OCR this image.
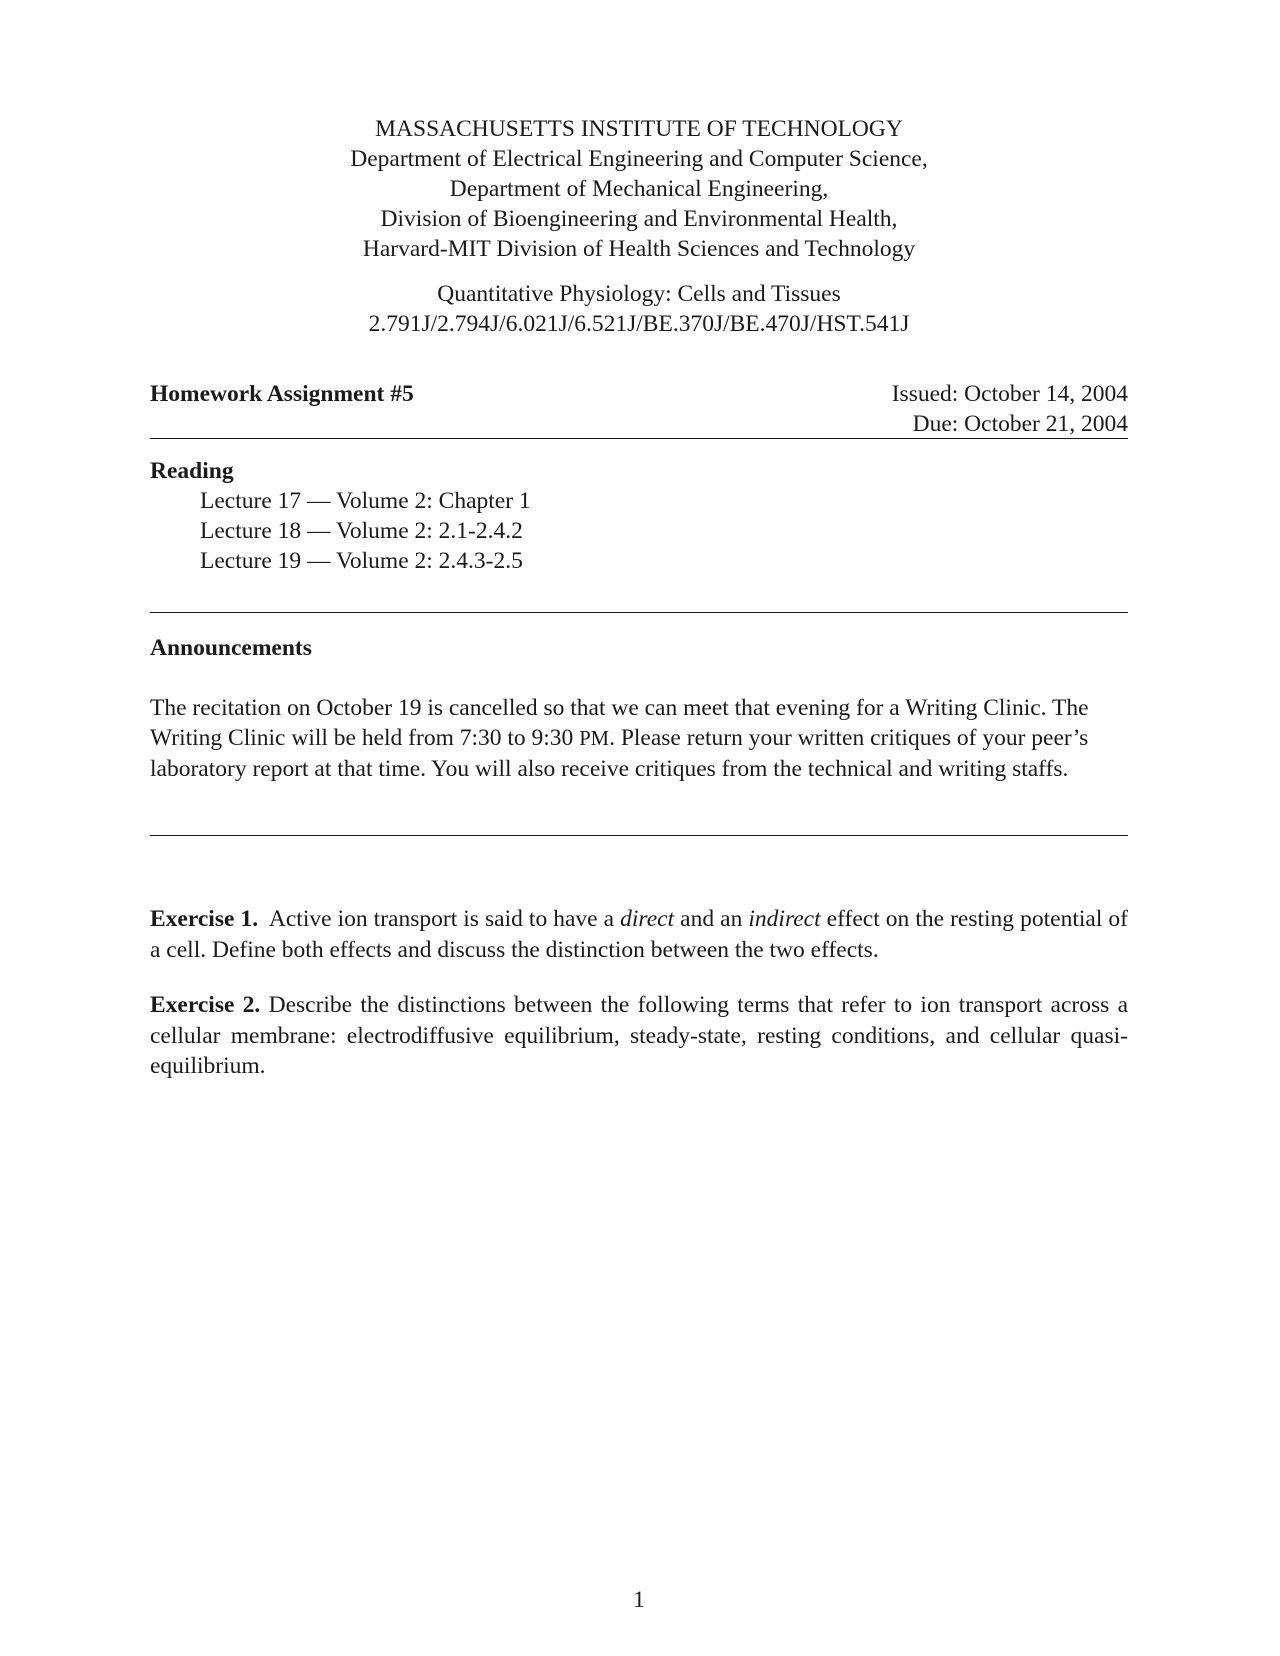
MASSACHUSETTS INSTITUTE OF TECHNOLOGY
Department of Electrical Engineering and Computer Science,
Department of Mechanical Engineering,
Division of Bioengineering and Environmental Health,
Harvard-MIT Division of Health Sciences and Technology
Quantitative Physiology: Cells and Tissues
2.791J/2.794J/6.021J/6.521J/BE.370J/BE.470J/HST.541J
Homework Assignment #5	Issued: October 14, 2004
Due: October 21, 2004
Reading
Lecture 17 — Volume 2: Chapter 1
Lecture 18 — Volume 2: 2.1-2.4.2
Lecture 19 — Volume 2: 2.4.3-2.5
Announcements

The recitation on October 19 is cancelled so that we can meet that evening for a Writing Clinic. The Writing Clinic will be held from 7:30 to 9:30 PM. Please return your written critiques of your peer’s laboratory report at that time. You will also receive critiques from the technical and writing staffs.

Exercise 1. Active ion transport is said to have a direct and an indirect effect on the resting potential of a cell. Define both effects and discuss the distinction between the two effects.

Exercise 2. Describe the distinctions between the following terms that refer to ion transport across a cellular membrane: electrodiffusive equilibrium, steady-state, resting conditions, and cellular quasi-equilibrium.

1
